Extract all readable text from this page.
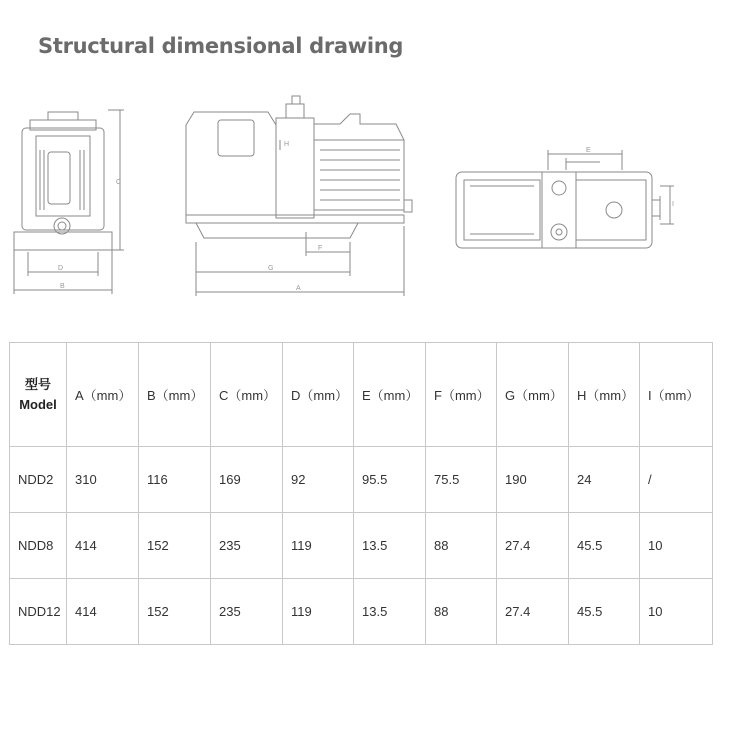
Structural dimensional drawing
D
B
C
G
A
F
H
E
I
型号
Model	A（mm）	B（mm）	C（mm）	D（mm）	E（mm）	F（mm）	G（mm）	H（mm）	I（mm）
NDD2	310	116	169	92	95.5	75.5	190	24	/
NDD8	414	152	235	119	13.5	88	27.4	45.5	10
NDD12	414	152	235	119	13.5	88	27.4	45.5	10
